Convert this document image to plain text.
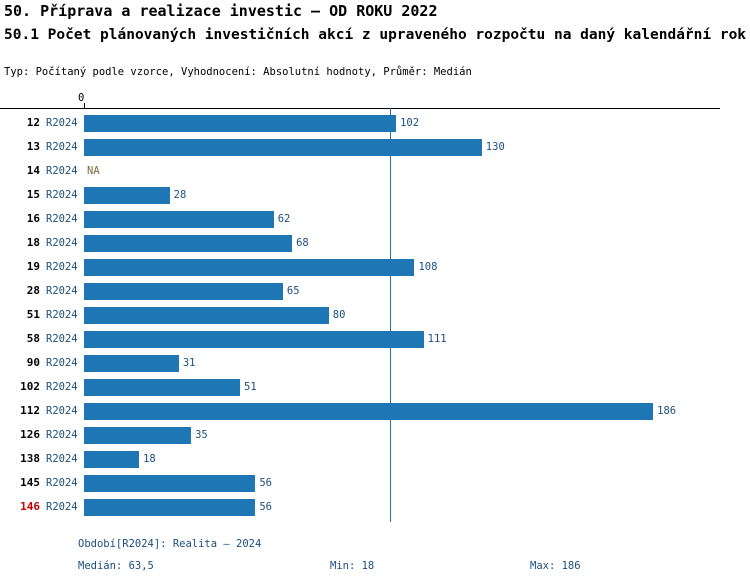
50. Příprava a realizace investic – OD ROKU 2022
50.1 Počet plánovaných investičních akcí z upraveného rozpočtu na daný kalendářní rok
Typ: Počítaný podle vzorce, Vyhodnocení: Absolutní hodnoty, Průměr: Medián
0
12 R2024	102
13 R2024	130
14 R2024 NA
15 R2024	28
16 R2024	62
18 R2024	68
19 R2024	108
28 R2024	65
51 R2024	80
58 R2024	111
90 R2024	31
102 R2024	51
112 R2024	186
126 R2024	35
138 R2024	18
145 R2024	56
146 R2024	56
Období[R2024]: Realita – 2024
Medián: 63,5	Min: 18	Max: 186
